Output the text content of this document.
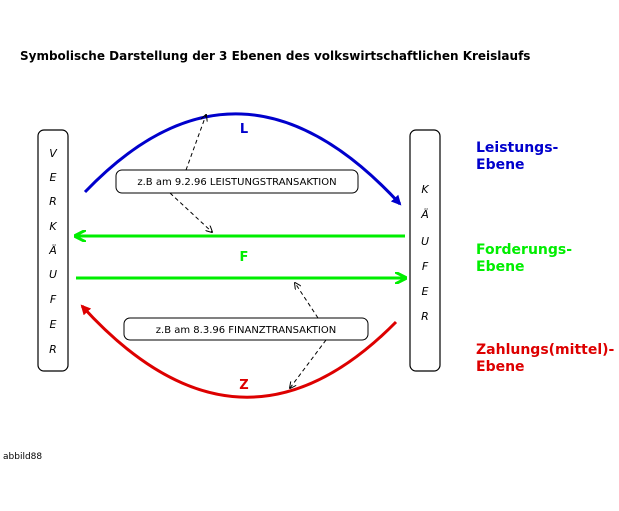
Symbolische Darstellung der 3 Ebenen des volkswirtschaftlichen Kreislaufs
V
E
R
K
Ä
U
F
E
R
K
Ä
U
F
E
R
L
F
Z
z.B am 9.2.96 LEISTUNGSTRANSAKTION
z.B am 8.3.96 FINANZTRANSAKTION
Leistungs-
Ebene
Forderungs-
Ebene
Zahlungs(mittel)-
Ebene
abbild88
